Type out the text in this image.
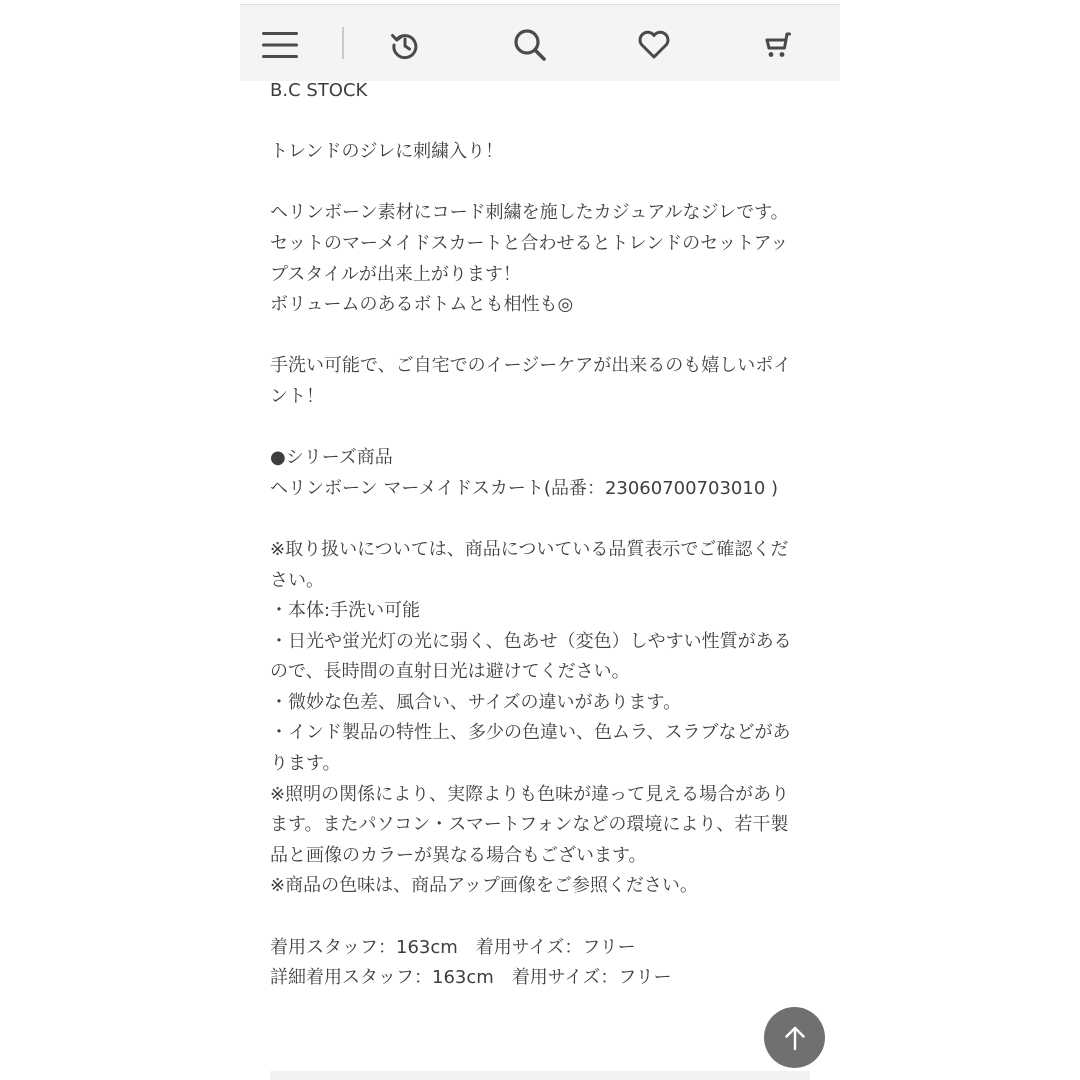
B.C STOCK

トレンドのジレに刺繍入り！

ヘリンボーン素材にコード刺繍を施したカジュアルなジレです。

セットのマーメイドスカートと合わせるとトレンドのセットアッ

プスタイルが出来上がります！

ボリュームのあるボトムとも相性も◎

手洗い可能で、ご自宅でのイージーケアが出来るのも嬉しいポイ

ント！

●シリーズ商品

ヘリンボーン マーメイドスカート(品番：23060700703010 )

※取り扱いについては、商品についている品質表示でご確認くだ

さい。

・本体:手洗い可能

・日光や蛍光灯の光に弱く、色あせ（変色）しやすい性質がある

ので、長時間の直射日光は避けてください。

・微妙な色差、風合い、サイズの違いがあります。

・インド製品の特性上、多少の色違い、色ムラ、スラブなどがあ

ります。

※照明の関係により、実際よりも色味が違って見える場合があり

ます。またパソコン・スマートフォンなどの環境により、若干製

品と画像のカラーが異なる場合もございます。

※商品の色味は、商品アップ画像をご参照ください。

着用スタッフ：163cm　着用サイズ：フリー

詳細着用スタッフ：163cm　着用サイズ：フリー
